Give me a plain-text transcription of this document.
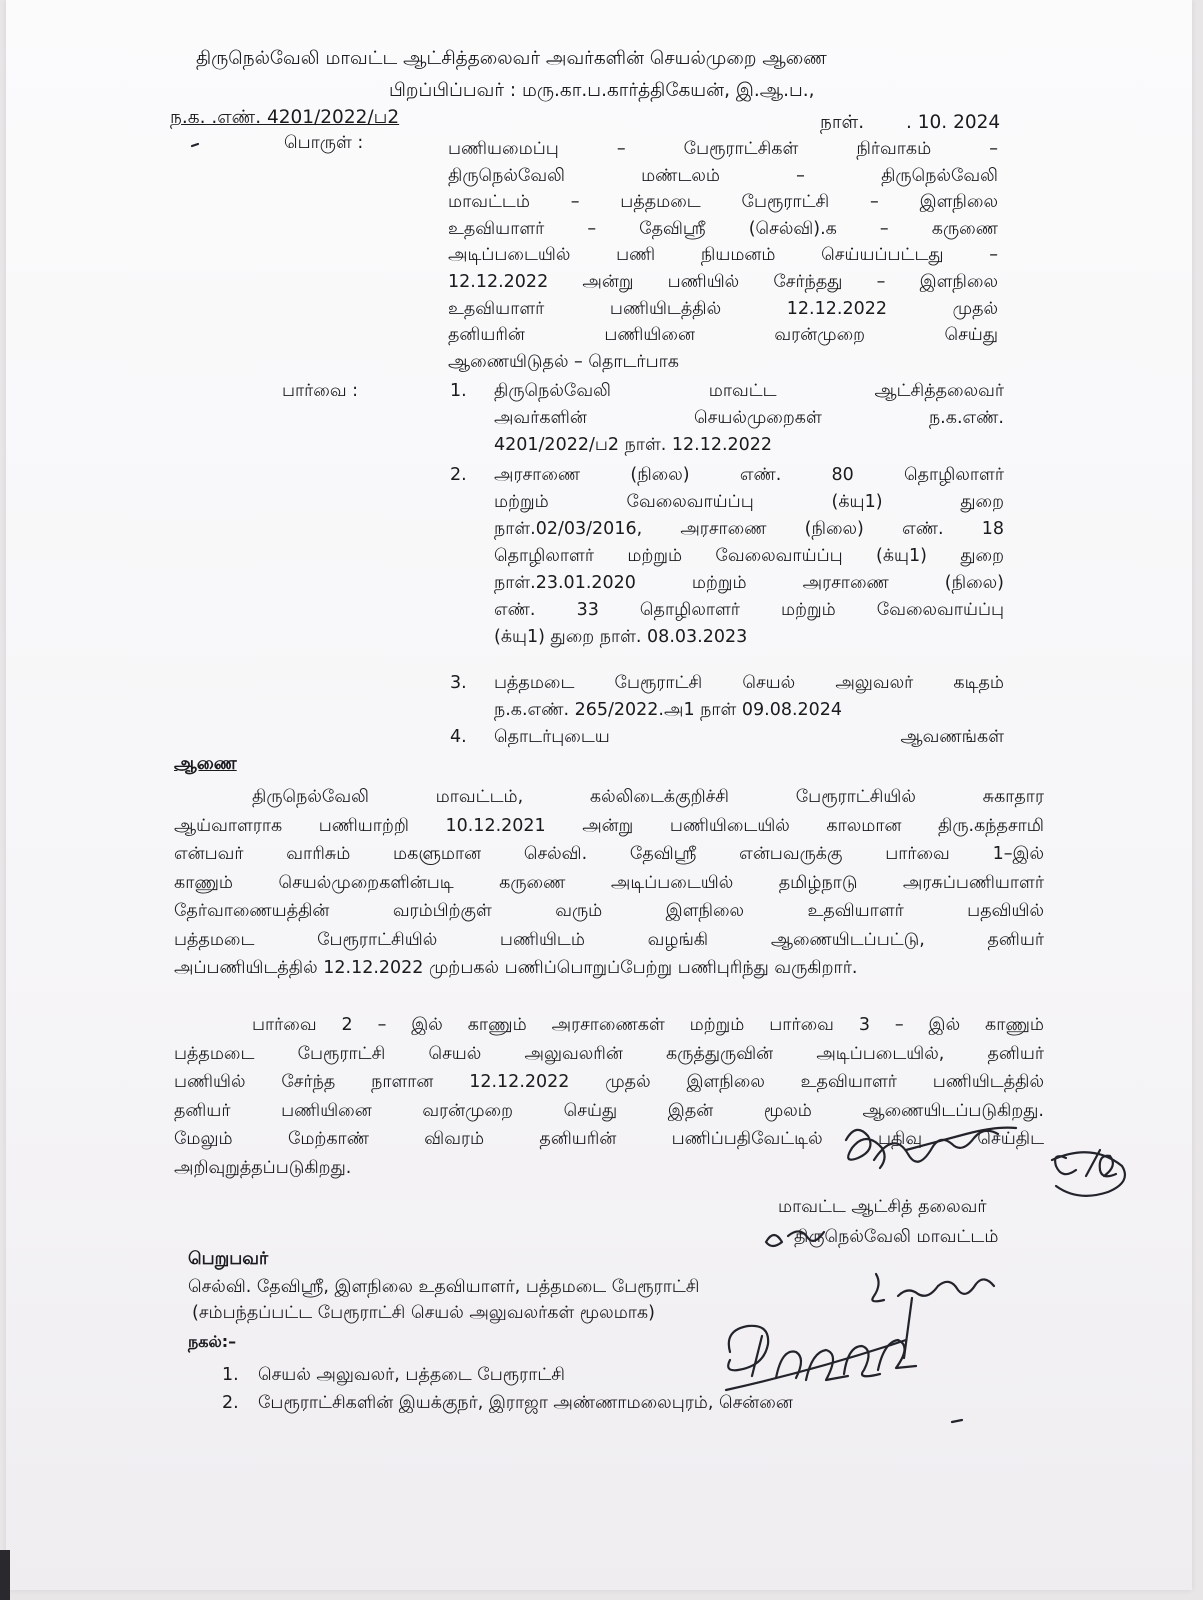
திருநெல்வேலி மாவட்ட ஆட்சித்தலைவர் அவர்களின் செயல்முறை ஆணை
பிறப்பிப்பவர் : மரு.கா.ப.கார்த்திகேயன், இ.ஆ.ப.,
ந.க. .எண். 4201/2022/ப2	நாள். . 10. 2024
பொருள் :	பணியமைப்பு – பேரூராட்சிகள் நிர்வாகம் –
திருநெல்வேலி மண்டலம் – திருநெல்வேலி
மாவட்டம் – பத்தமடை பேரூராட்சி – இளநிலை
உதவியாளர் – தேவிஸ்ரீ (செல்வி).க – கருணை
அடிப்படையில் பணி நியமனம் செய்யப்பட்டது –
12.12.2022 அன்று பணியில் சேர்ந்தது – இளநிலை
உதவியாளர் பணியிடத்தில் 12.12.2022 முதல்
தனியரின் பணியினை வரன்முறை செய்து
ஆணையிடுதல் – தொடர்பாக
பார்வை :	1. திருநெல்வேலி மாவட்ட ஆட்சித்தலைவர்
அவர்களின் செயல்முறைகள் ந.க.எண்.
4201/2022/ப2 நாள். 12.12.2022
2. அரசாணை (நிலை) எண். 80 தொழிலாளர்
மற்றும் வேலைவாய்ப்பு (க்யு1) துறை
நாள்.02/03/2016, அரசாணை (நிலை) எண். 18
தொழிலாளர் மற்றும் வேலைவாய்ப்பு (க்யு1) துறை
நாள்.23.01.2020 மற்றும் அரசாணை (நிலை)
எண். 33 தொழிலாளர் மற்றும் வேலைவாய்ப்பு
(க்யு1) துறை நாள். 08.03.2023
3. பத்தமடை பேரூராட்சி செயல் அலுவலர் கடிதம்
ந.க.எண். 265/2022.அ1 நாள் 09.08.2024
4. தொடர்புடைய ஆவணங்கள்
ஆணை
திருநெல்வேலி மாவட்டம், கல்லிடைக்குறிச்சி பேரூராட்சியில் சுகாதார
ஆய்வாளராக பணியாற்றி 10.12.2021 அன்று பணியிடையில் காலமான திரு.கந்தசாமி
என்பவர் வாரிசும் மகளுமான செல்வி. தேவிஸ்ரீ என்பவருக்கு பார்வை 1–இல்
காணும் செயல்முறைகளின்படி கருணை அடிப்படையில் தமிழ்நாடு அரசுப்பணியாளர்
தேர்வாணையத்தின் வரம்பிற்குள் வரும் இளநிலை உதவியாளர் பதவியில்
பத்தமடை பேரூராட்சியில் பணியிடம் வழங்கி ஆணையிடப்பட்டு, தனியர்
அப்பணியிடத்தில் 12.12.2022 முற்பகல் பணிப்பொறுப்பேற்று பணிபுரிந்து வருகிறார்.
பார்வை 2 – இல் காணும் அரசாணைகள் மற்றும் பார்வை 3 – இல் காணும்
பத்தமடை பேரூராட்சி செயல் அலுவலரின் கருத்துருவின் அடிப்படையில், தனியர்
பணியில் சேர்ந்த நாளான 12.12.2022 முதல் இளநிலை உதவியாளர் பணியிடத்தில்
தனியர் பணியினை வரன்முறை செய்து இதன் மூலம் ஆணையிடப்படுகிறது.
மேலும் மேற்காண் விவரம் தனியரின் பணிப்பதிவேட்டில் பதிவு செய்திட
அறிவுறுத்தப்படுகிறது.
மாவட்ட ஆட்சித் தலைவர்
திருநெல்வேலி மாவட்டம்
பெறுபவர்
செல்வி. தேவிஸ்ரீ, இளநிலை உதவியாளர், பத்தமடை பேரூராட்சி
(சம்பந்தப்பட்ட பேரூராட்சி செயல் அலுவலர்கள் மூலமாக)
நகல்:–
1. செயல் அலுவலர், பத்தடை பேரூராட்சி
2. பேரூராட்சிகளின் இயக்குநர், இராஜா அண்ணாமலைபுரம், சென்னை
